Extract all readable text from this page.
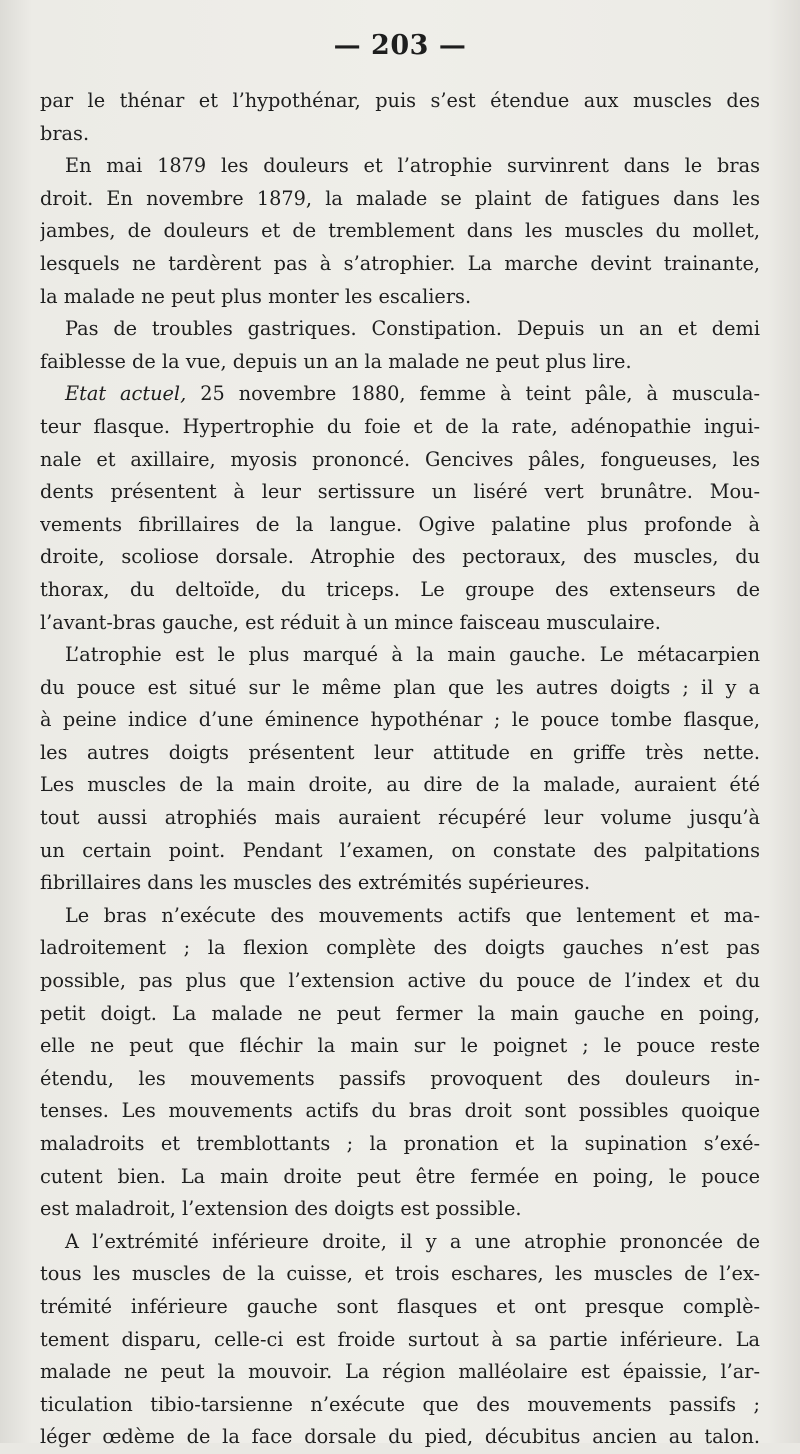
— 203 —
par le thénar et l’hypothénar, puis s’est étendue aux muscles des
bras.
En mai 1879 les douleurs et l’atrophie survinrent dans le bras
droit. En novembre 1879, la malade se plaint de fatigues dans les
jambes, de douleurs et de tremblement dans les muscles du mollet,
lesquels ne tardèrent pas à s’atrophier. La marche devint trainante,
la malade ne peut plus monter les escaliers.
Pas de troubles gastriques. Constipation. Depuis un an et demi
faiblesse de la vue, depuis un an la malade ne peut plus lire.
Etat actuel, 25 novembre 1880, femme à teint pâle, à muscula-
teur flasque. Hypertrophie du foie et de la rate, adénopathie ingui-
nale et axillaire, myosis prononcé. Gencives pâles, fongueuses, les
dents présentent à leur sertissure un liséré vert brunâtre. Mou-
vements fibrillaires de la langue. Ogive palatine plus profonde à
droite, scoliose dorsale. Atrophie des pectoraux, des muscles, du
thorax, du deltoïde, du triceps. Le groupe des extenseurs de
l’avant-bras gauche, est réduit à un mince faisceau musculaire.
L’atrophie est le plus marqué à la main gauche. Le métacarpien
du pouce est situé sur le même plan que les autres doigts ; il y a
à peine indice d’une éminence hypothénar ; le pouce tombe flasque,
les autres doigts présentent leur attitude en griffe très nette.
Les muscles de la main droite, au dire de la malade, auraient été
tout aussi atrophiés mais auraient récupéré leur volume jusqu’à
un certain point. Pendant l’examen, on constate des palpitations
fibrillaires dans les muscles des extrémités supérieures.
Le bras n’exécute des mouvements actifs que lentement et ma-
ladroitement ; la flexion complète des doigts gauches n’est pas
possible, pas plus que l’extension active du pouce de l’index et du
petit doigt. La malade ne peut fermer la main gauche en poing,
elle ne peut que fléchir la main sur le poignet ; le pouce reste
étendu, les mouvements passifs provoquent des douleurs in-
tenses. Les mouvements actifs du bras droit sont possibles quoique
maladroits et tremblottants ; la pronation et la supination s’exé-
cutent bien. La main droite peut être fermée en poing, le pouce
est maladroit, l’extension des doigts est possible.
A l’extrémité inférieure droite, il y a une atrophie prononcée de
tous les muscles de la cuisse, et trois eschares, les muscles de l’ex-
trémité inférieure gauche sont flasques et ont presque complè-
tement disparu, celle-ci est froide surtout à sa partie inférieure. La
malade ne peut la mouvoir. La région malléolaire est épaissie, l’ar-
ticulation tibio-tarsienne n’exécute que des mouvements passifs ;
léger œdème de la face dorsale du pied, décubitus ancien au talon.
